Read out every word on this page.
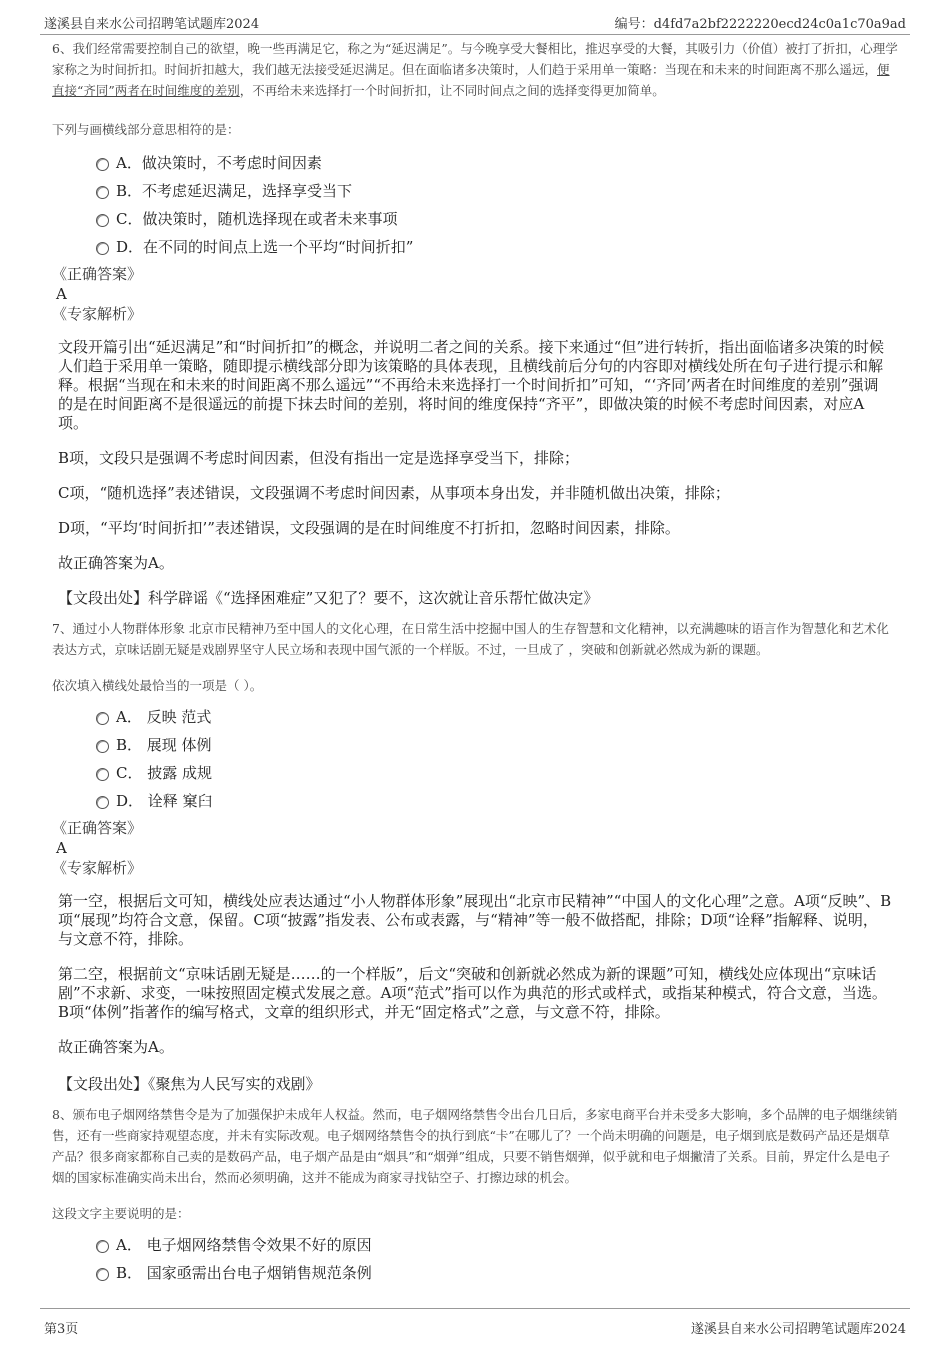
遂溪县自来水公司招聘笔试题库2024	编号：d4fd7a2bf2222220ecd24c0a1c70a9ad

6、我们经常需要控制自己的欲望，晚一些再满足它，称之为“延迟满足”。与今晚享受大餐相比，推迟享受的大餐，其吸引力（价值）被打了折扣，心理学家称之为时间折扣。时间折扣越大，我们越无法接受延迟满足。但在面临诸多决策时，人们趋于采用单一策略：当现在和未来的时间距离不那么遥远，便直接“齐同”两者在时间维度的差别，不再给未来选择打一个时间折扣，让不同时间点之间的选择变得更加简单。

下列与画横线部分意思相符的是：

A．做决策时，不考虑时间因素
B．不考虑延迟满足，选择享受当下
C．做决策时，随机选择现在或者未来事项
D．在不同的时间点上选一个平均“时间折扣”

《正确答案》

A

《专家解析》

文段开篇引出“延迟满足”和“时间折扣”的概念，并说明二者之间的关系。接下来通过“但”进行转折，指出面临诸多决策的时候人们趋于采用单一策略，随即提示横线部分即为该策略的具体表现，且横线前后分句的内容即对横线处所在句子进行提示和解释。根据“当现在和未来的时间距离不那么遥远”“不再给未来选择打一个时间折扣”可知，“‘齐同’两者在时间维度的差别”强调的是在时间距离不是很遥远的前提下抹去时间的差别，将时间的维度保持“齐平”，即做决策的时候不考虑时间因素，对应A项。

B项，文段只是强调不考虑时间因素，但没有指出一定是选择享受当下，排除；

C项，“随机选择”表述错误，文段强调不考虑时间因素，从事项本身出发，并非随机做出决策，排除；

D项，“平均‘时间折扣’”表述错误，文段强调的是在时间维度不打折扣，忽略时间因素，排除。

故正确答案为A。

【文段出处】科学辟谣《“选择困难症”又犯了？要不，这次就让音乐帮忙做决定》

7、通过小人物群体形象 北京市民精神乃至中国人的文化心理，在日常生活中挖掘中国人的生存智慧和文化精神，以充满趣味的语言作为智慧化和艺术化表达方式，京味话剧无疑是戏剧界坚守人民立场和表现中国气派的一个样版。不过，一旦成了 ，突破和创新就必然成为新的课题。

依次填入横线处最恰当的一项是（ ）。

A． 反映 范式
B． 展现 体例
C． 披露 成规
D． 诠释 窠臼

《正确答案》

A

《专家解析》

第一空，根据后文可知，横线处应表达通过“小人物群体形象”展现出“北京市民精神”“中国人的文化心理”之意。A项“反映”、B项“展现”均符合文意，保留。C项“披露”指发表、公布或表露，与“精神”等一般不做搭配，排除；D项“诠释”指解释、说明，与文意不符，排除。

第二空，根据前文“京味话剧无疑是……的一个样版”，后文“突破和创新就必然成为新的课题”可知，横线处应体现出“京味话剧”不求新、求变，一味按照固定模式发展之意。A项“范式”指可以作为典范的形式或样式，或指某种模式，符合文意，当选。B项“体例”指著作的编写格式，文章的组织形式，并无“固定格式”之意，与文意不符，排除。

故正确答案为A。

【文段出处】《聚焦为人民写实的戏剧》

8、颁布电子烟网络禁售令是为了加强保护未成年人权益。然而，电子烟网络禁售令出台几日后，多家电商平台并未受多大影响，多个品牌的电子烟继续销售，还有一些商家持观望态度，并未有实际改观。电子烟网络禁售令的执行到底“卡”在哪儿了？一个尚未明确的问题是，电子烟到底是数码产品还是烟草产品？很多商家都称自己卖的是数码产品，电子烟产品是由“烟具”和“烟弹”组成，只要不销售烟弹，似乎就和电子烟撇清了关系。目前，界定什么是电子烟的国家标准确实尚未出台，然而必须明确，这并不能成为商家寻找钻空子、打擦边球的机会。

这段文字主要说明的是：

A． 电子烟网络禁售令效果不好的原因
B． 国家亟需出台电子烟销售规范条例
第3页	遂溪县自来水公司招聘笔试题库2024
